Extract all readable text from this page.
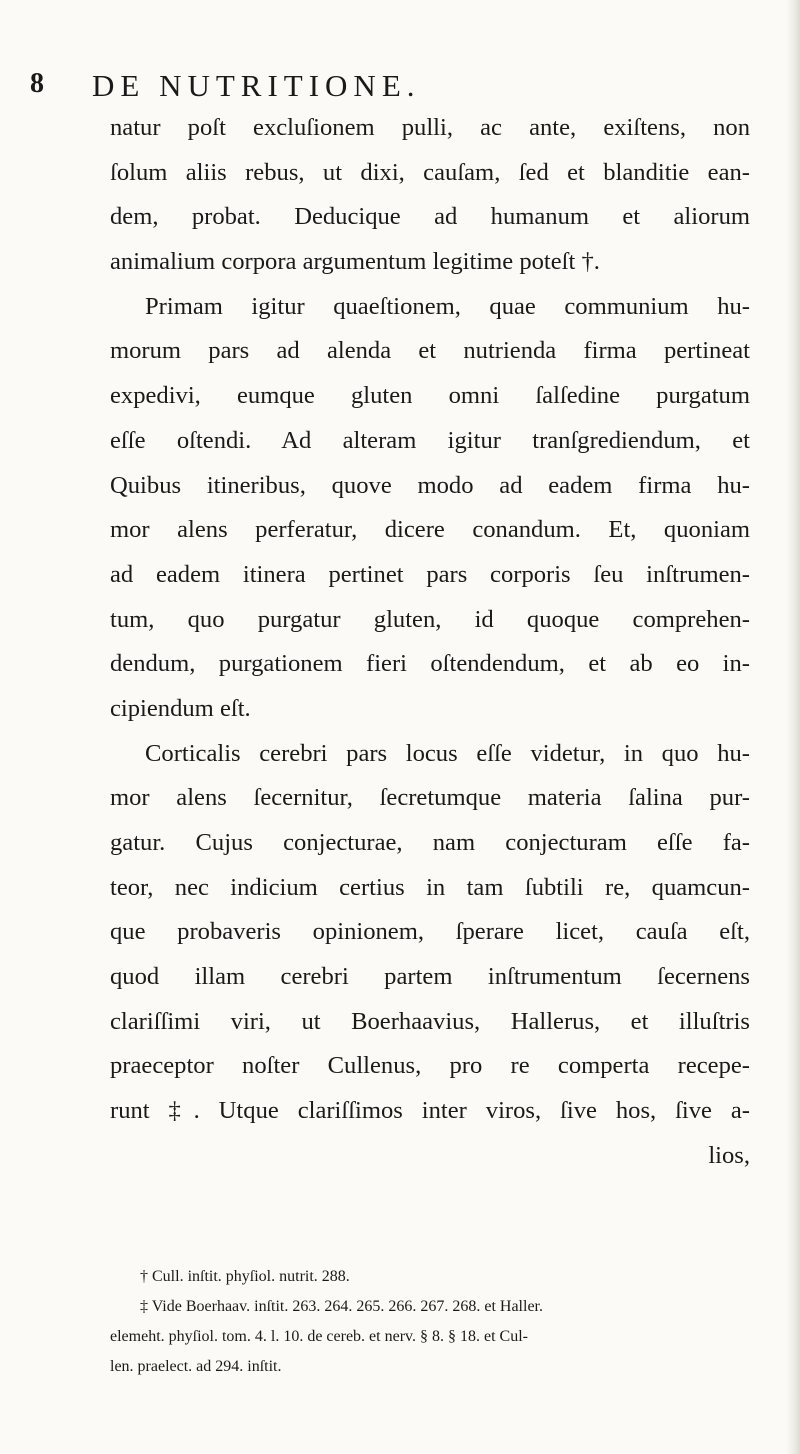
8 DE NUTRITIONE.
natur poſt excluſionem pulli, ac ante, exiſtens, non
ſolum aliis rebus, ut dixi, cauſam, ſed et blanditie ean-
dem, probat. Deducique ad humanum et aliorum
animalium corpora argumentum legitime poteſt †.
Primam igitur quaeſtionem, quae communium hu-
morum pars ad alenda et nutrienda firma pertineat
expedivi, eumque gluten omni ſalſedine purgatum
eſſe oſtendi. Ad alteram igitur tranſgrediendum, et
Quibus itineribus, quove modo ad eadem firma hu-
mor alens perferatur, dicere conandum. Et, quoniam
ad eadem itinera pertinet pars corporis ſeu inſtrumen-
tum, quo purgatur gluten, id quoque comprehen-
dendum, purgationem fieri oſtendendum, et ab eo in-
cipiendum eſt.
Corticalis cerebri pars locus eſſe videtur, in quo hu-
mor alens ſecernitur, ſecretumque materia ſalina pur-
gatur. Cujus conjecturae, nam conjecturam eſſe fa-
teor, nec indicium certius in tam ſubtili re, quamcun-
que probaveris opinionem, ſperare licet, cauſa eſt,
quod illam cerebri partem inſtrumentum ſecernens
clariſſimi viri, ut Boerhaavius, Hallerus, et illuſtris
praeceptor noſter Cullenus, pro re comperta recepe-
runt ‡. Utque clariſſimos inter viros, ſive hos, ſive a-
lios,
† Cull. inſtit. phyſiol. nutrit. 288.
‡ Vide Boerhaav. inſtit. 263. 264. 265. 266. 267. 268. et Haller.
elemeht. phyſiol. tom. 4. l. 10. de cereb. et nerv. § 8. § 18. et Cul-
len. praelect. ad 294. inſtit.
